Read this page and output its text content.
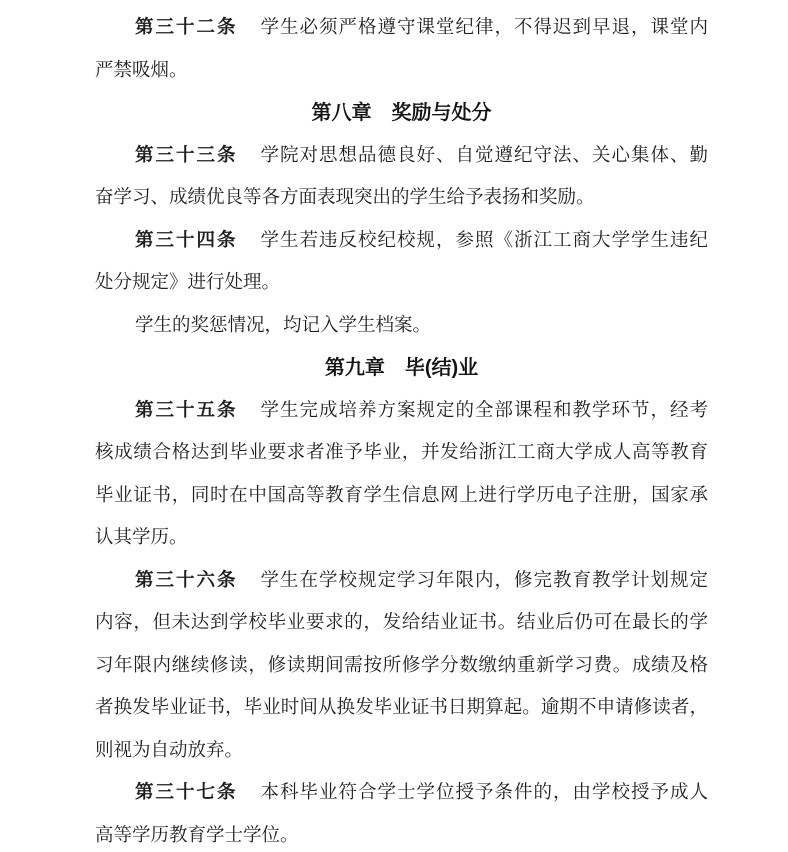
第三十二条 学生必须严格遵守课堂纪律，不得迟到早退，课堂内
严禁吸烟。
第八章　奖励与处分
第三十三条 学院对思想品德良好、自觉遵纪守法、关心集体、勤
奋学习、成绩优良等各方面表现突出的学生给予表扬和奖励。
第三十四条 学生若违反校纪校规，参照《浙江工商大学学生违纪
处分规定》进行处理。
学生的奖惩情况，均记入学生档案。
第九章　毕(结)业
第三十五条 学生完成培养方案规定的全部课程和教学环节，经考
核成绩合格达到毕业要求者准予毕业，并发给浙江工商大学成人高等教育
毕业证书，同时在中国高等教育学生信息网上进行学历电子注册，国家承
认其学历。
第三十六条 学生在学校规定学习年限内，修完教育教学计划规定
内容，但未达到学校毕业要求的，发给结业证书。结业后仍可在最长的学
习年限内继续修读，修读期间需按所修学分数缴纳重新学习费。成绩及格
者换发毕业证书，毕业时间从换发毕业证书日期算起。逾期不申请修读者，
则视为自动放弃。
第三十七条 本科毕业符合学士学位授予条件的，由学校授予成人
高等学历教育学士学位。
